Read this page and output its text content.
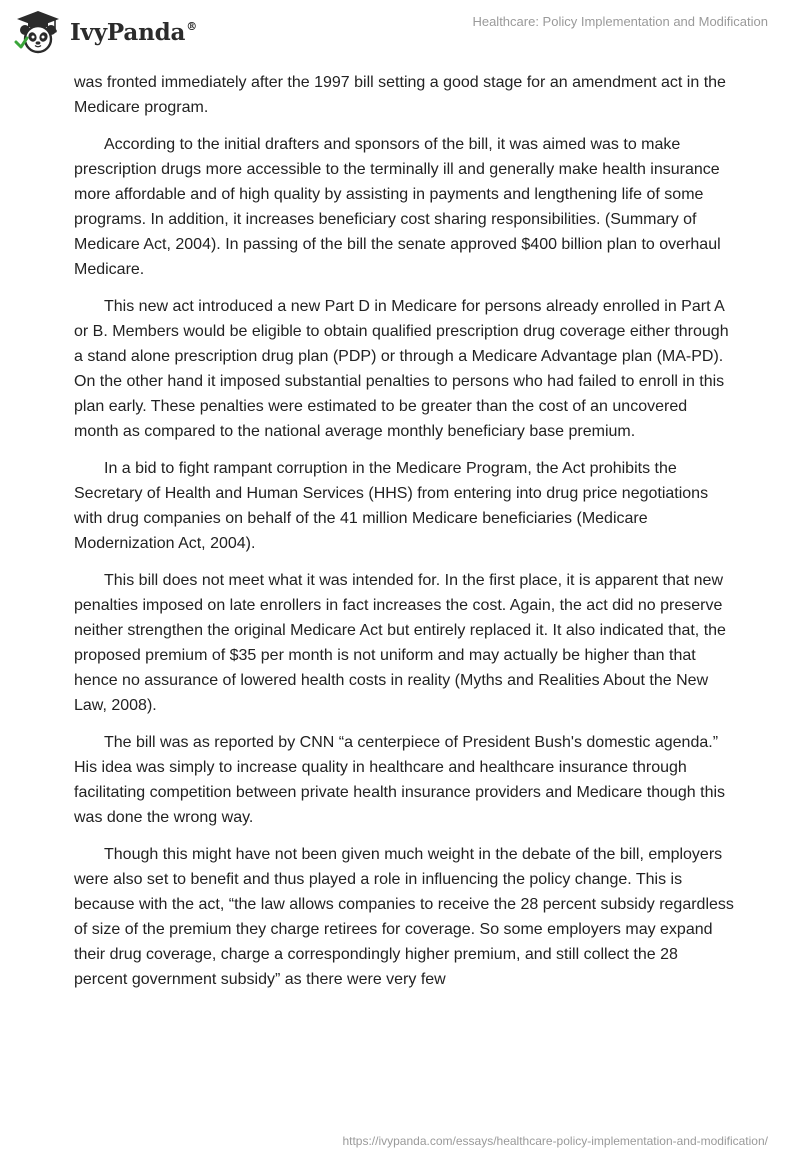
IvyPanda®	Healthcare: Policy Implementation and Modification

was fronted immediately after the 1997 bill setting a good stage for an amendment act in the Medicare program.

According to the initial drafters and sponsors of the bill, it was aimed was to make prescription drugs more accessible to the terminally ill and generally make health insurance more affordable and of high quality by assisting in payments and lengthening life of some programs. In addition, it increases beneficiary cost sharing responsibilities. (Summary of Medicare Act, 2004). In passing of the bill the senate approved $400 billion plan to overhaul Medicare.

This new act introduced a new Part D in Medicare for persons already enrolled in Part A or B. Members would be eligible to obtain qualified prescription drug coverage either through a stand alone prescription drug plan (PDP) or through a Medicare Advantage plan (MA-PD). On the other hand it imposed substantial penalties to persons who had failed to enroll in this plan early. These penalties were estimated to be greater than the cost of an uncovered month as compared to the national average monthly beneficiary base premium.

In a bid to fight rampant corruption in the Medicare Program, the Act prohibits the Secretary of Health and Human Services (HHS) from entering into drug price negotiations with drug companies on behalf of the 41 million Medicare beneficiaries (Medicare Modernization Act, 2004).

This bill does not meet what it was intended for. In the first place, it is apparent that new penalties imposed on late enrollers in fact increases the cost. Again, the act did no preserve neither strengthen the original Medicare Act but entirely replaced it. It also indicated that, the proposed premium of $35 per month is not uniform and may actually be higher than that hence no assurance of lowered health costs in reality (Myths and Realities About the New Law, 2008).

The bill was as reported by CNN “a centerpiece of President Bush's domestic agenda.” His idea was simply to increase quality in healthcare and healthcare insurance through facilitating competition between private health insurance providers and Medicare though this was done the wrong way.

Though this might have not been given much weight in the debate of the bill, employers were also set to benefit and thus played a role in influencing the policy change. This is because with the act, “the law allows companies to receive the 28 percent subsidy regardless of size of the premium they charge retirees for coverage. So some employers may expand their drug coverage, charge a correspondingly higher premium, and still collect the 28 percent government subsidy” as there were very few

https://ivypanda.com/essays/healthcare-policy-implementation-and-modification/
